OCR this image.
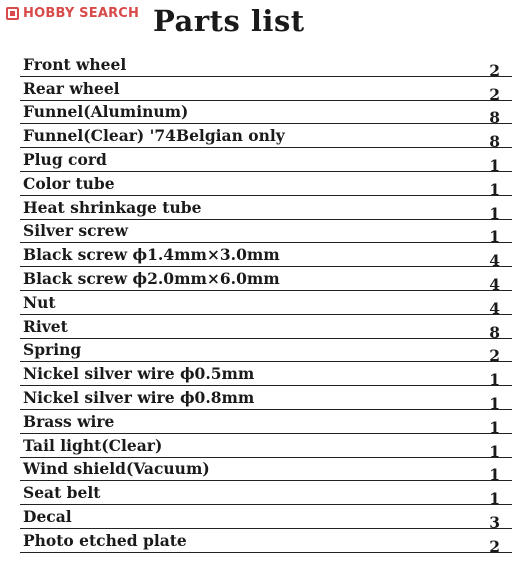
HOBBY SEARCH Parts list
Front wheel	2
Rear wheel	2
Funnel(Aluminum)	8
Funnel(Clear) '74Belgian only	8
Plug cord	1
Color tube	1
Heat shrinkage tube	1
Silver screw	1
Black screw ϕ1.4mm×3.0mm	4
Black screw ϕ2.0mm×6.0mm	4
Nut	4
Rivet	8
Spring	2
Nickel silver wire ϕ0.5mm	1
Nickel silver wire ϕ0.8mm	1
Brass wire	1
Tail light(Clear)	1
Wind shield(Vacuum)	1
Seat belt	1
Decal	3
Photo etched plate	2
